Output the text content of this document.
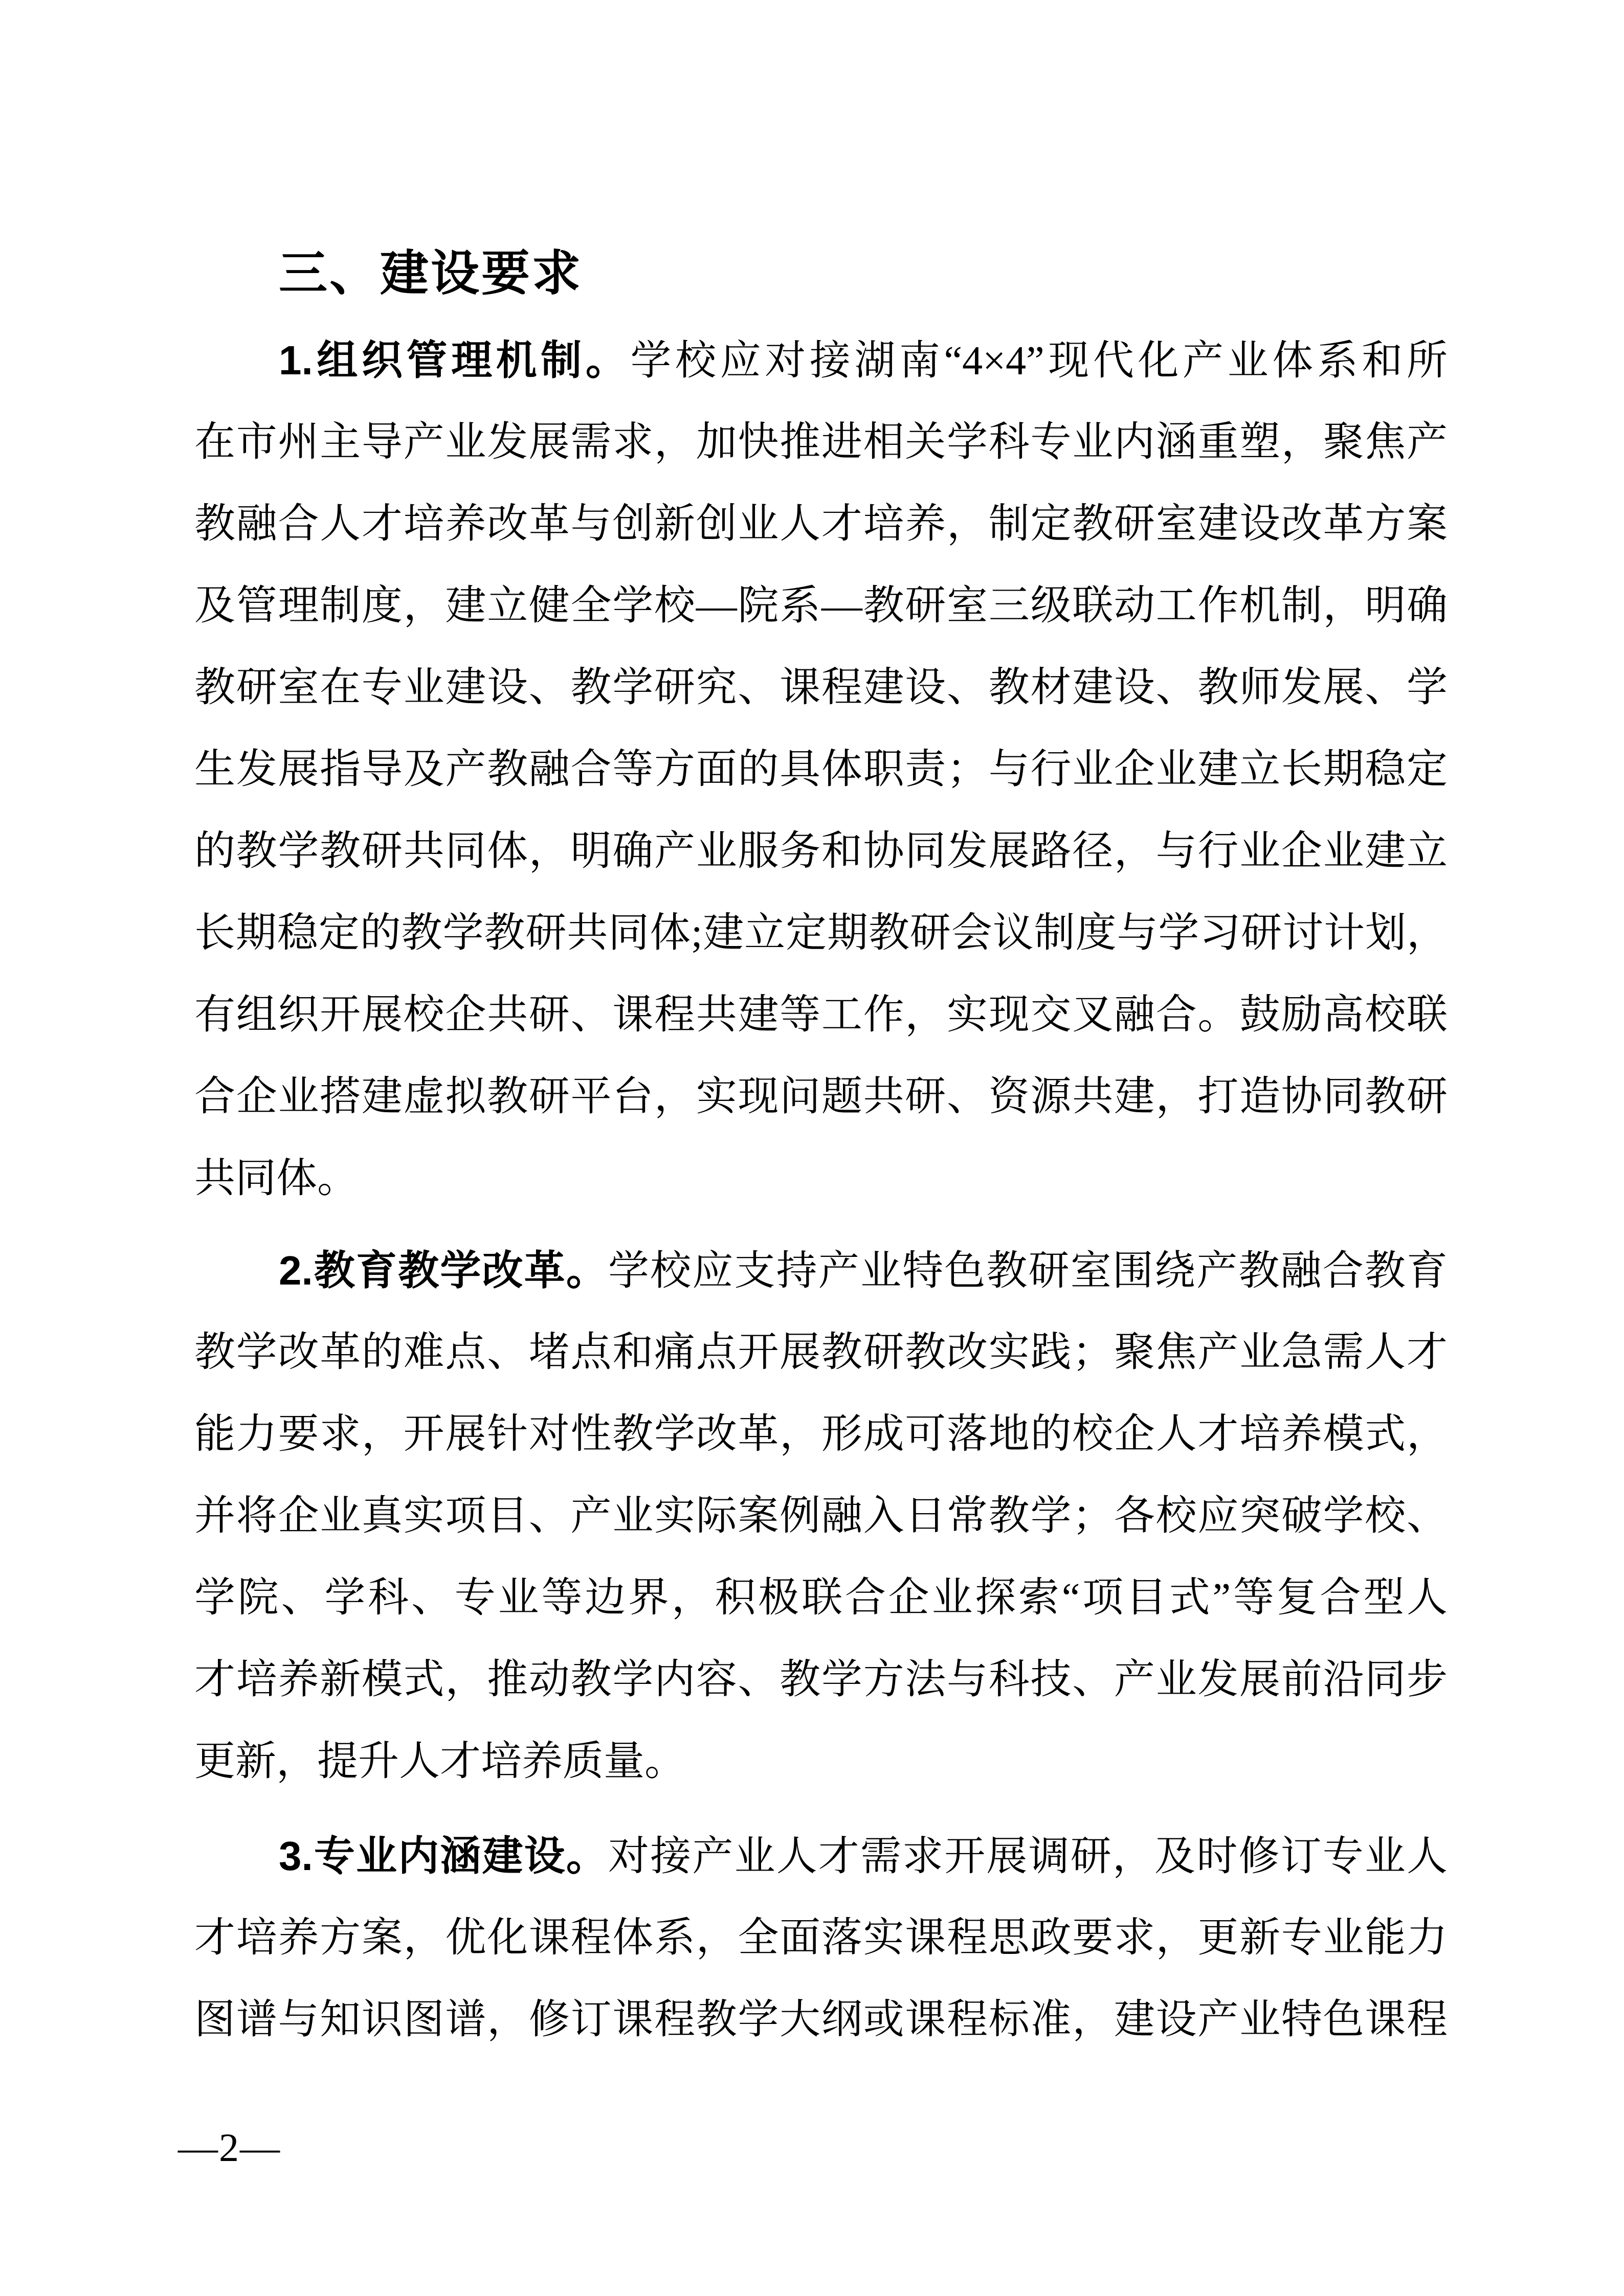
三、建设要求
1.组织管理机制。学校应对接湖南“4×4”现代化产业体系和所
在市州主导产业发展需求，加快推进相关学科专业内涵重塑，聚焦产
教融合人才培养改革与创新创业人才培养，制定教研室建设改革方案
及管理制度，建立健全学校—院系—教研室三级联动工作机制，明确
教研室在专业建设、教学研究、课程建设、教材建设、教师发展、学
生发展指导及产教融合等方面的具体职责；与行业企业建立长期稳定
的教学教研共同体，明确产业服务和协同发展路径，与行业企业建立
长期稳定的教学教研共同体;建立定期教研会议制度与学习研讨计划，
有组织开展校企共研、课程共建等工作，实现交叉融合。鼓励高校联
合企业搭建虚拟教研平台，实现问题共研、资源共建，打造协同教研
共同体。
2.教育教学改革。学校应支持产业特色教研室围绕产教融合教育
教学改革的难点、堵点和痛点开展教研教改实践；聚焦产业急需人才
能力要求，开展针对性教学改革，形成可落地的校企人才培养模式，
并将企业真实项目、产业实际案例融入日常教学；各校应突破学校、
学院、学科、专业等边界，积极联合企业探索“项目式”等复合型人
才培养新模式，推动教学内容、教学方法与科技、产业发展前沿同步
更新，提升人才培养质量。
3.专业内涵建设。对接产业人才需求开展调研，及时修订专业人
才培养方案，优化课程体系，全面落实课程思政要求，更新专业能力
图谱与知识图谱，修订课程教学大纲或课程标准，建设产业特色课程
—2—
